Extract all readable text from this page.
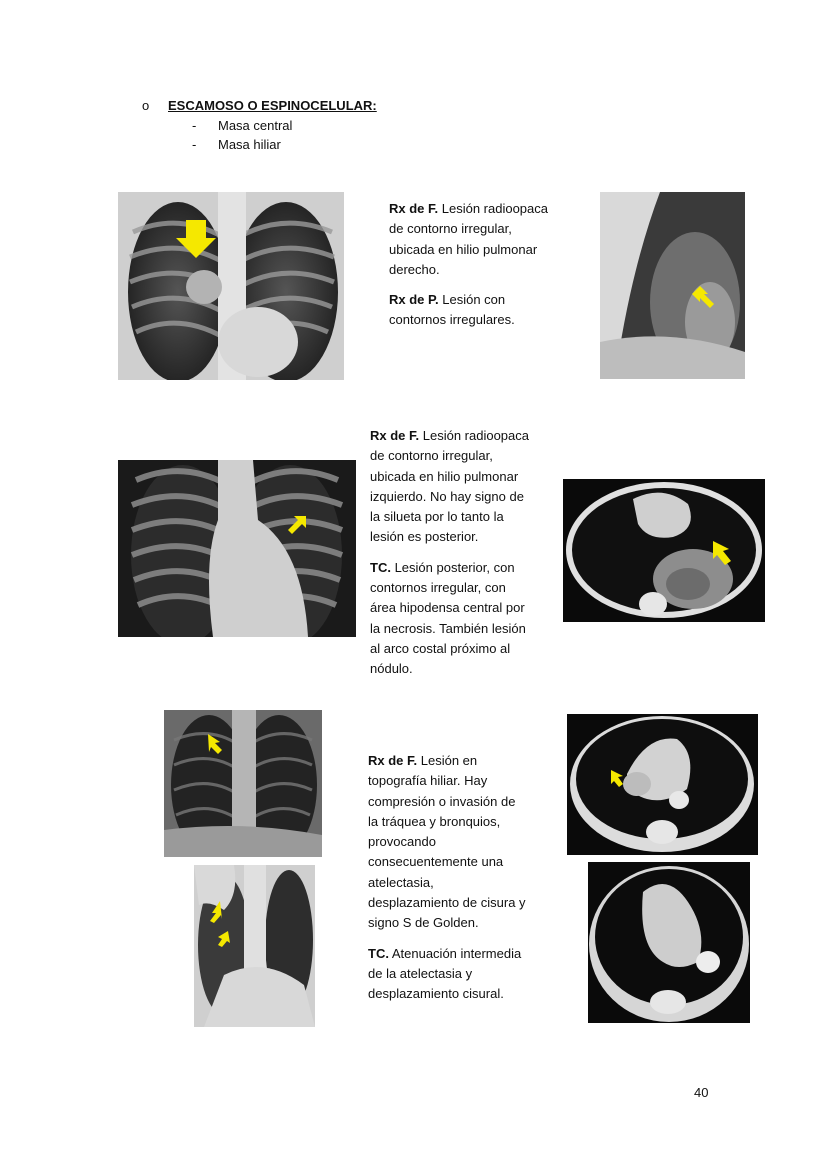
o ESCAMOSO O ESPINOCELULAR:
- Masa central
- Masa hiliar

Rx de F. Lesión radioopaca
de contorno irregular,
ubicada en hilio pulmonar
derecho.

Rx de P. Lesión con
contornos irregulares.

Rx de F. Lesión radioopaca
de contorno irregular,
ubicada en hilio pulmonar
izquierdo. No hay signo de
la silueta por lo tanto la
lesión es posterior.

TC. Lesión posterior, con
contornos irregular, con
área hipodensa central por
la necrosis. También lesión
al arco costal próximo al
nódulo.

Rx de F. Lesión en
topografía hiliar. Hay
compresión o invasión de
la tráquea y bronquios,
provocando
consecuentemente una
atelectasia,
desplazamiento de cisura y
signo S de Golden.

TC. Atenuación intermedia
de la atelectasia y
desplazamiento cisural.

40
